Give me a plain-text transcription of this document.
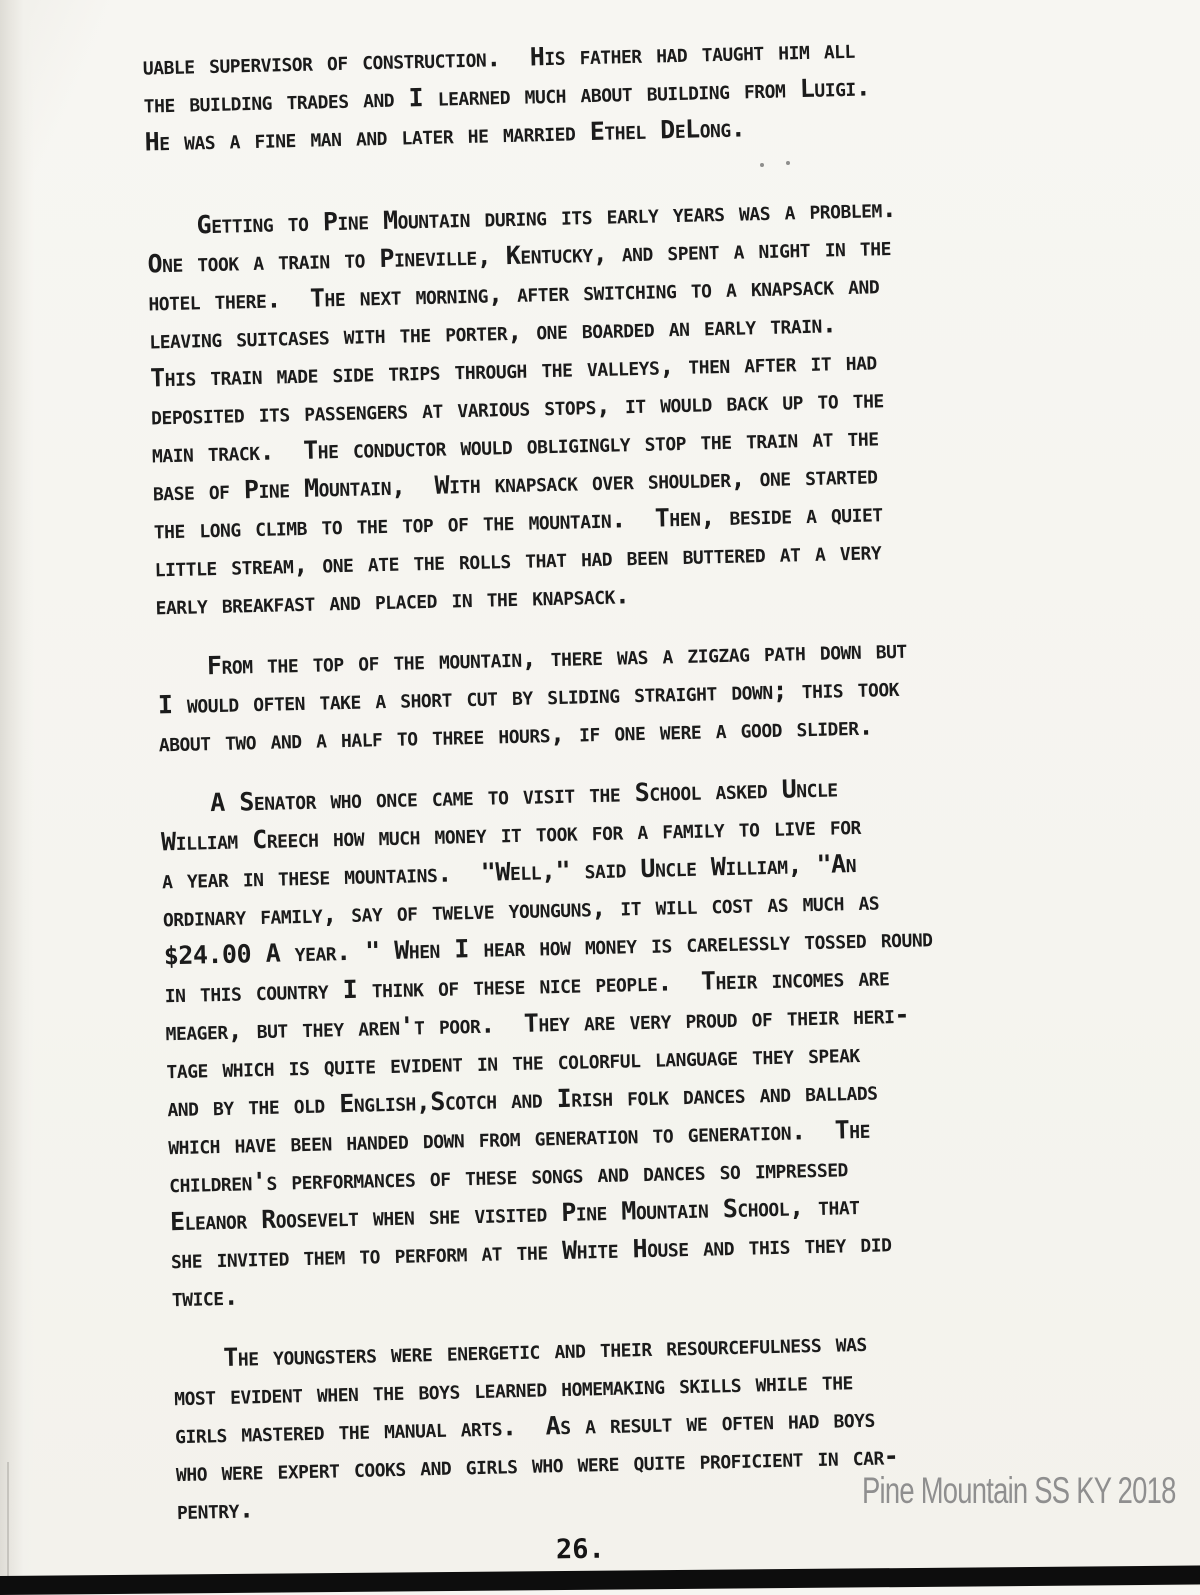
uable supervisor of construction.  His father had taught him all
the building trades and I learned much about building from Luigi.
He was a fine man and later he married Ethel DeLong.
Getting to Pine Mountain during its early years was a problem.
One took a train to Pineville, Kentucky, and spent a night in the
hotel there.  The next morning, after switching to a knapsack and
leaving suitcases with the porter, one boarded an early train.
This train made side trips through the valleys, then after it had
deposited its passengers at various stops, it would back up to the
main track.  The conductor would obligingly stop the train at the
base of Pine Mountain,  With knapsack over shoulder, one started
the long climb to the top of the mountain.  Then, beside a quiet
little stream, one ate the rolls that had been buttered at a very
early breakfast and placed in the knapsack.
From the top of the mountain, there was a zigzag path down but
I would often take a short cut by sliding straight down; this took
about two and a half to three hours, if one were a good slider.
A Senator who once came to visit the School asked Uncle
William Creech how much money it took for a family to live for
a year in these mountains.  "Well," said Uncle William, "An
ordinary family, say of twelve younguns, it will cost as much as
$24.00 A year. " When I hear how money is carelessly tossed round
in this country I think of these nice people.  Their incomes are
meager, but they aren't poor.  They are very proud of their heri-
tage which is quite evident in the colorful language they speak
and by the old English,Scotch and Irish folk dances and ballads
which have been handed down from generation to generation.  The
children's performances of these songs and dances so impressed
Eleanor Roosevelt when she visited Pine Mountain School, that
she invited them to perform at the White House and this they did
twice.
The youngsters were energetic and their resourcefulness was
most evident when the boys learned homemaking skills while the
girls mastered the manual arts.  As a result we often had boys
who were expert cooks and girls who were quite proficient in car-
pentry.	Pine Mountain SS KY 2018
26.
